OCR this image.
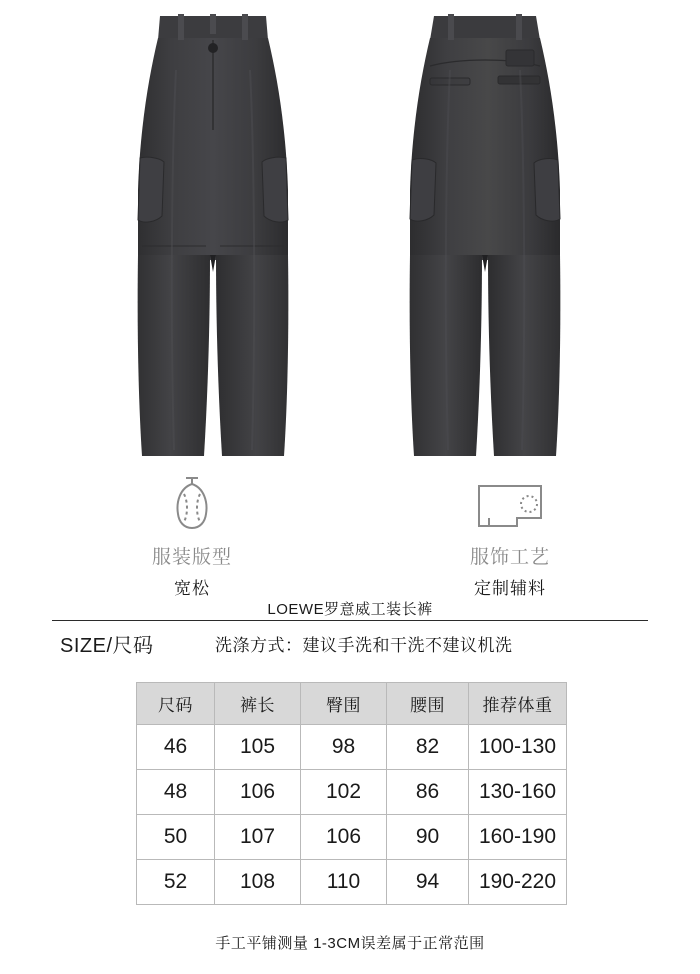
服装版型
宽松
服饰工艺
定制辅料
LOEWE罗意威工装长裤
SIZE/尺码	洗涤方式：建议手洗和干洗不建议机洗
尺码	裤长	臀围	腰围	推荐体重
46	105	98	82	100-130
48	106	102	86	130-160
50	107	106	90	160-190
52	108	110	94	190-220
手工平铺测量 1-3CM误差属于正常范围
